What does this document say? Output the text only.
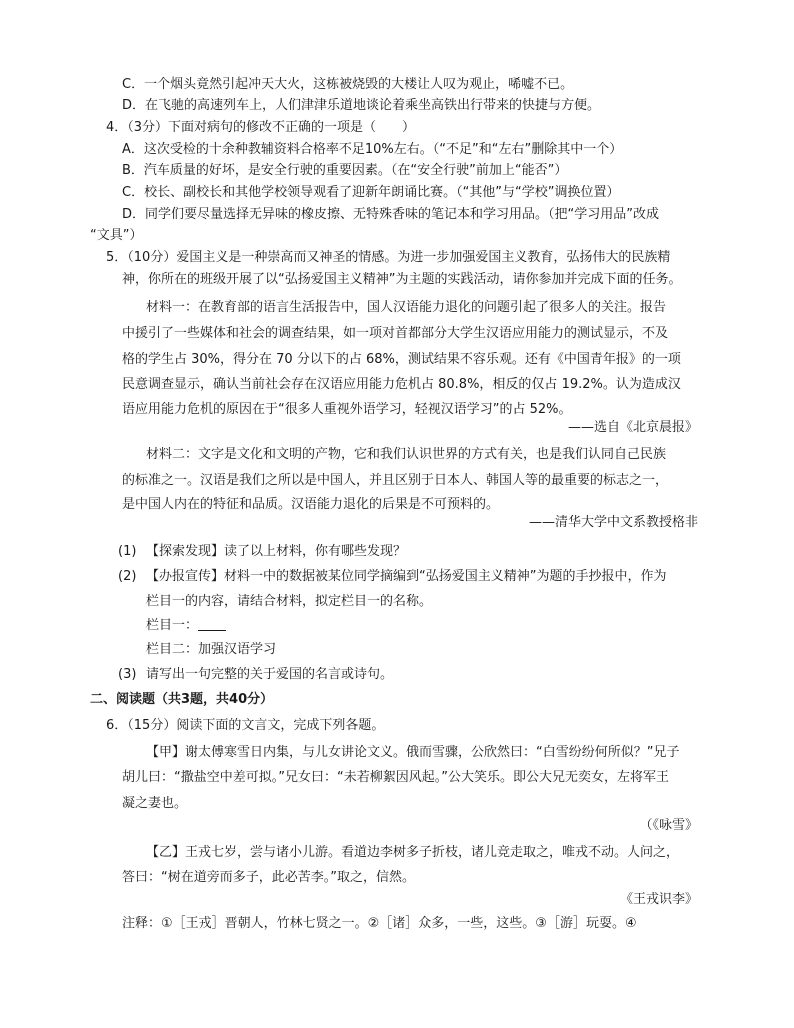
C．一个烟头竟然引起冲天大火，这栋被烧毁的大楼让人叹为观止，唏嘘不已。
D．在飞驰的高速列车上，人们津津乐道地谈论着乘坐高铁出行带来的快捷与方便。
4．（3分）下面对病句的修改不正确的一项是（　　）
A．这次受检的十余种教辅资料合格率不足10%左右。（“不足”和“左右”删除其中一个）
B．汽车质量的好坏，是安全行驶的重要因素。（在“安全行驶”前加上“能否”）
C．校长、副校长和其他学校领导观看了迎新年朗诵比赛。（“其他”与“学校”调换位置）
D．同学们要尽量选择无异味的橡皮擦、无特殊香味的笔记本和学习用品。（把“学习用品”改成
“文具”）
5．（10分）爱国主义是一种崇高而又神圣的情感。为进一步加强爱国主义教育，弘扬伟大的民族精
神，你所在的班级开展了以“弘扬爱国主义精神”为主题的实践活动，请你参加并完成下面的任务。
材料一：在教育部的语言生活报告中，国人汉语能力退化的问题引起了很多人的关注。报告
中援引了一些媒体和社会的调查结果，如一项对首都部分大学生汉语应用能力的测试显示，不及
格的学生占 30%，得分在 70 分以下的占 68%，测试结果不容乐观。还有《中国青年报》的一项
民意调查显示，确认当前社会存在汉语应用能力危机占 80.8%，相反的仅占 19.2%。认为造成汉
语应用能力危机的原因在于“很多人重视外语学习，轻视汉语学习”的占 52%。
——选自《北京晨报》
材料二：文字是文化和文明的产物，它和我们认识世界的方式有关，也是我们认同自己民族
的标准之一。汉语是我们之所以是中国人，并且区别于日本人、韩国人等的最重要的标志之一，
是中国人内在的特征和品质。汉语能力退化的后果是不可预料的。
——清华大学中文系教授格非
(1) 【探索发现】读了以上材料，你有哪些发现？
(2) 【办报宣传】材料一中的数据被某位同学摘编到“弘扬爱国主义精神”为题的手抄报中，作为
栏目一的内容，请结合材料，拟定栏目一的名称。
栏目一：
栏目二：加强汉语学习
(3) 请写出一句完整的关于爱国的名言或诗句。
二、阅读题（共3题，共40分）
6．（15分）阅读下面的文言文，完成下列各题。
【甲】谢太傅寒雪日内集，与儿女讲论文义。俄而雪骤，公欣然曰：“白雪纷纷何所似？”兄子
胡儿曰：“撒盐空中差可拟。”兄女曰：“未若柳絮因风起。”公大笑乐。即公大兄无奕女，左将军王
凝之妻也。
（《咏雪》
【乙】王戎七岁，尝与诸小儿游。看道边李树多子折枝，诸儿竞走取之，唯戎不动。人问之，
答曰：“树在道旁而多子，此必苦李。”取之，信然。
《王戎识李》
注释：①［王戎］晋朝人，竹林七贤之一。②［诸］众多，一些，这些。③［游］玩耍。④
